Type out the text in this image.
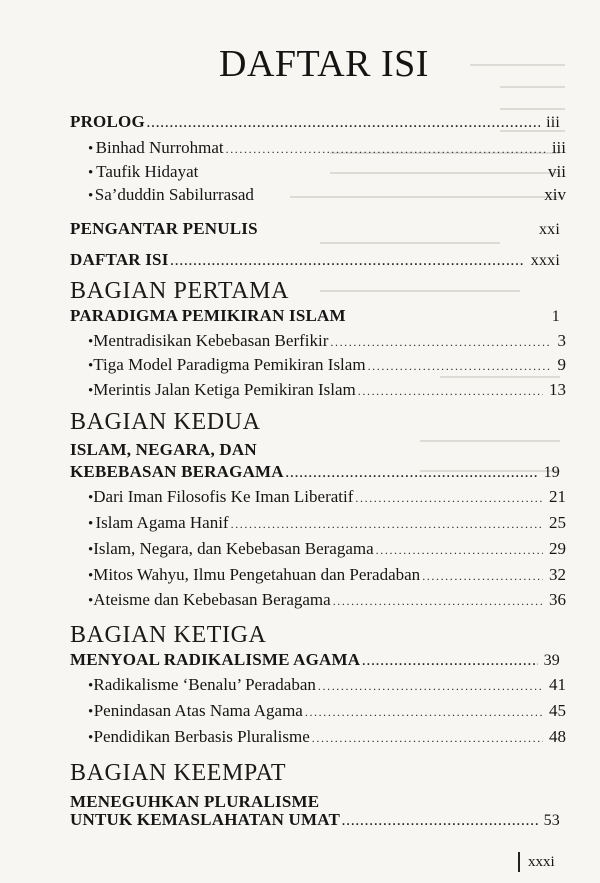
DAFTAR ISI
PROLOG .....	iii
• Binhad Nurrohmat .....	iii
• Taufik Hidayat	vii
• Sa’duddin Sabilurrasad	xiv
PENGANTAR PENULIS	xxi
DAFTAR ISI .....	xxxi
BAGIAN PERTAMA
PARADIGMA PEMIKIRAN ISLAM	1
• Mentradisikan Kebebasan Berfikir .....	3
• Tiga Model Paradigma Pemikiran Islam .....	9
• Merintis Jalan Ketiga Pemikiran Islam .....	13
BAGIAN KEDUA
ISLAM, NEGARA, DAN
KEBEBASAN BERAGAMA .....	19
• Dari Iman Filosofis Ke Iman Liberatif .....	21
• Islam Agama Hanif .....	25
• Islam, Negara, dan Kebebasan Beragama .....	29
• Mitos Wahyu, Ilmu Pengetahuan dan Peradaban .....	32
• Ateisme dan Kebebasan Beragama .....	36
BAGIAN KETIGA
MENYOAL RADIKALISME AGAMA .....	39
• Radikalisme ‘Benalu’ Peradaban .....	41
• Penindasan Atas Nama Agama .....	45
• Pendidikan Berbasis Pluralisme .....	48
BAGIAN KEEMPAT
MENEGUHKAN PLURALISME
UNTUK KEMASLAHATAN UMAT .....	53
xxxi
